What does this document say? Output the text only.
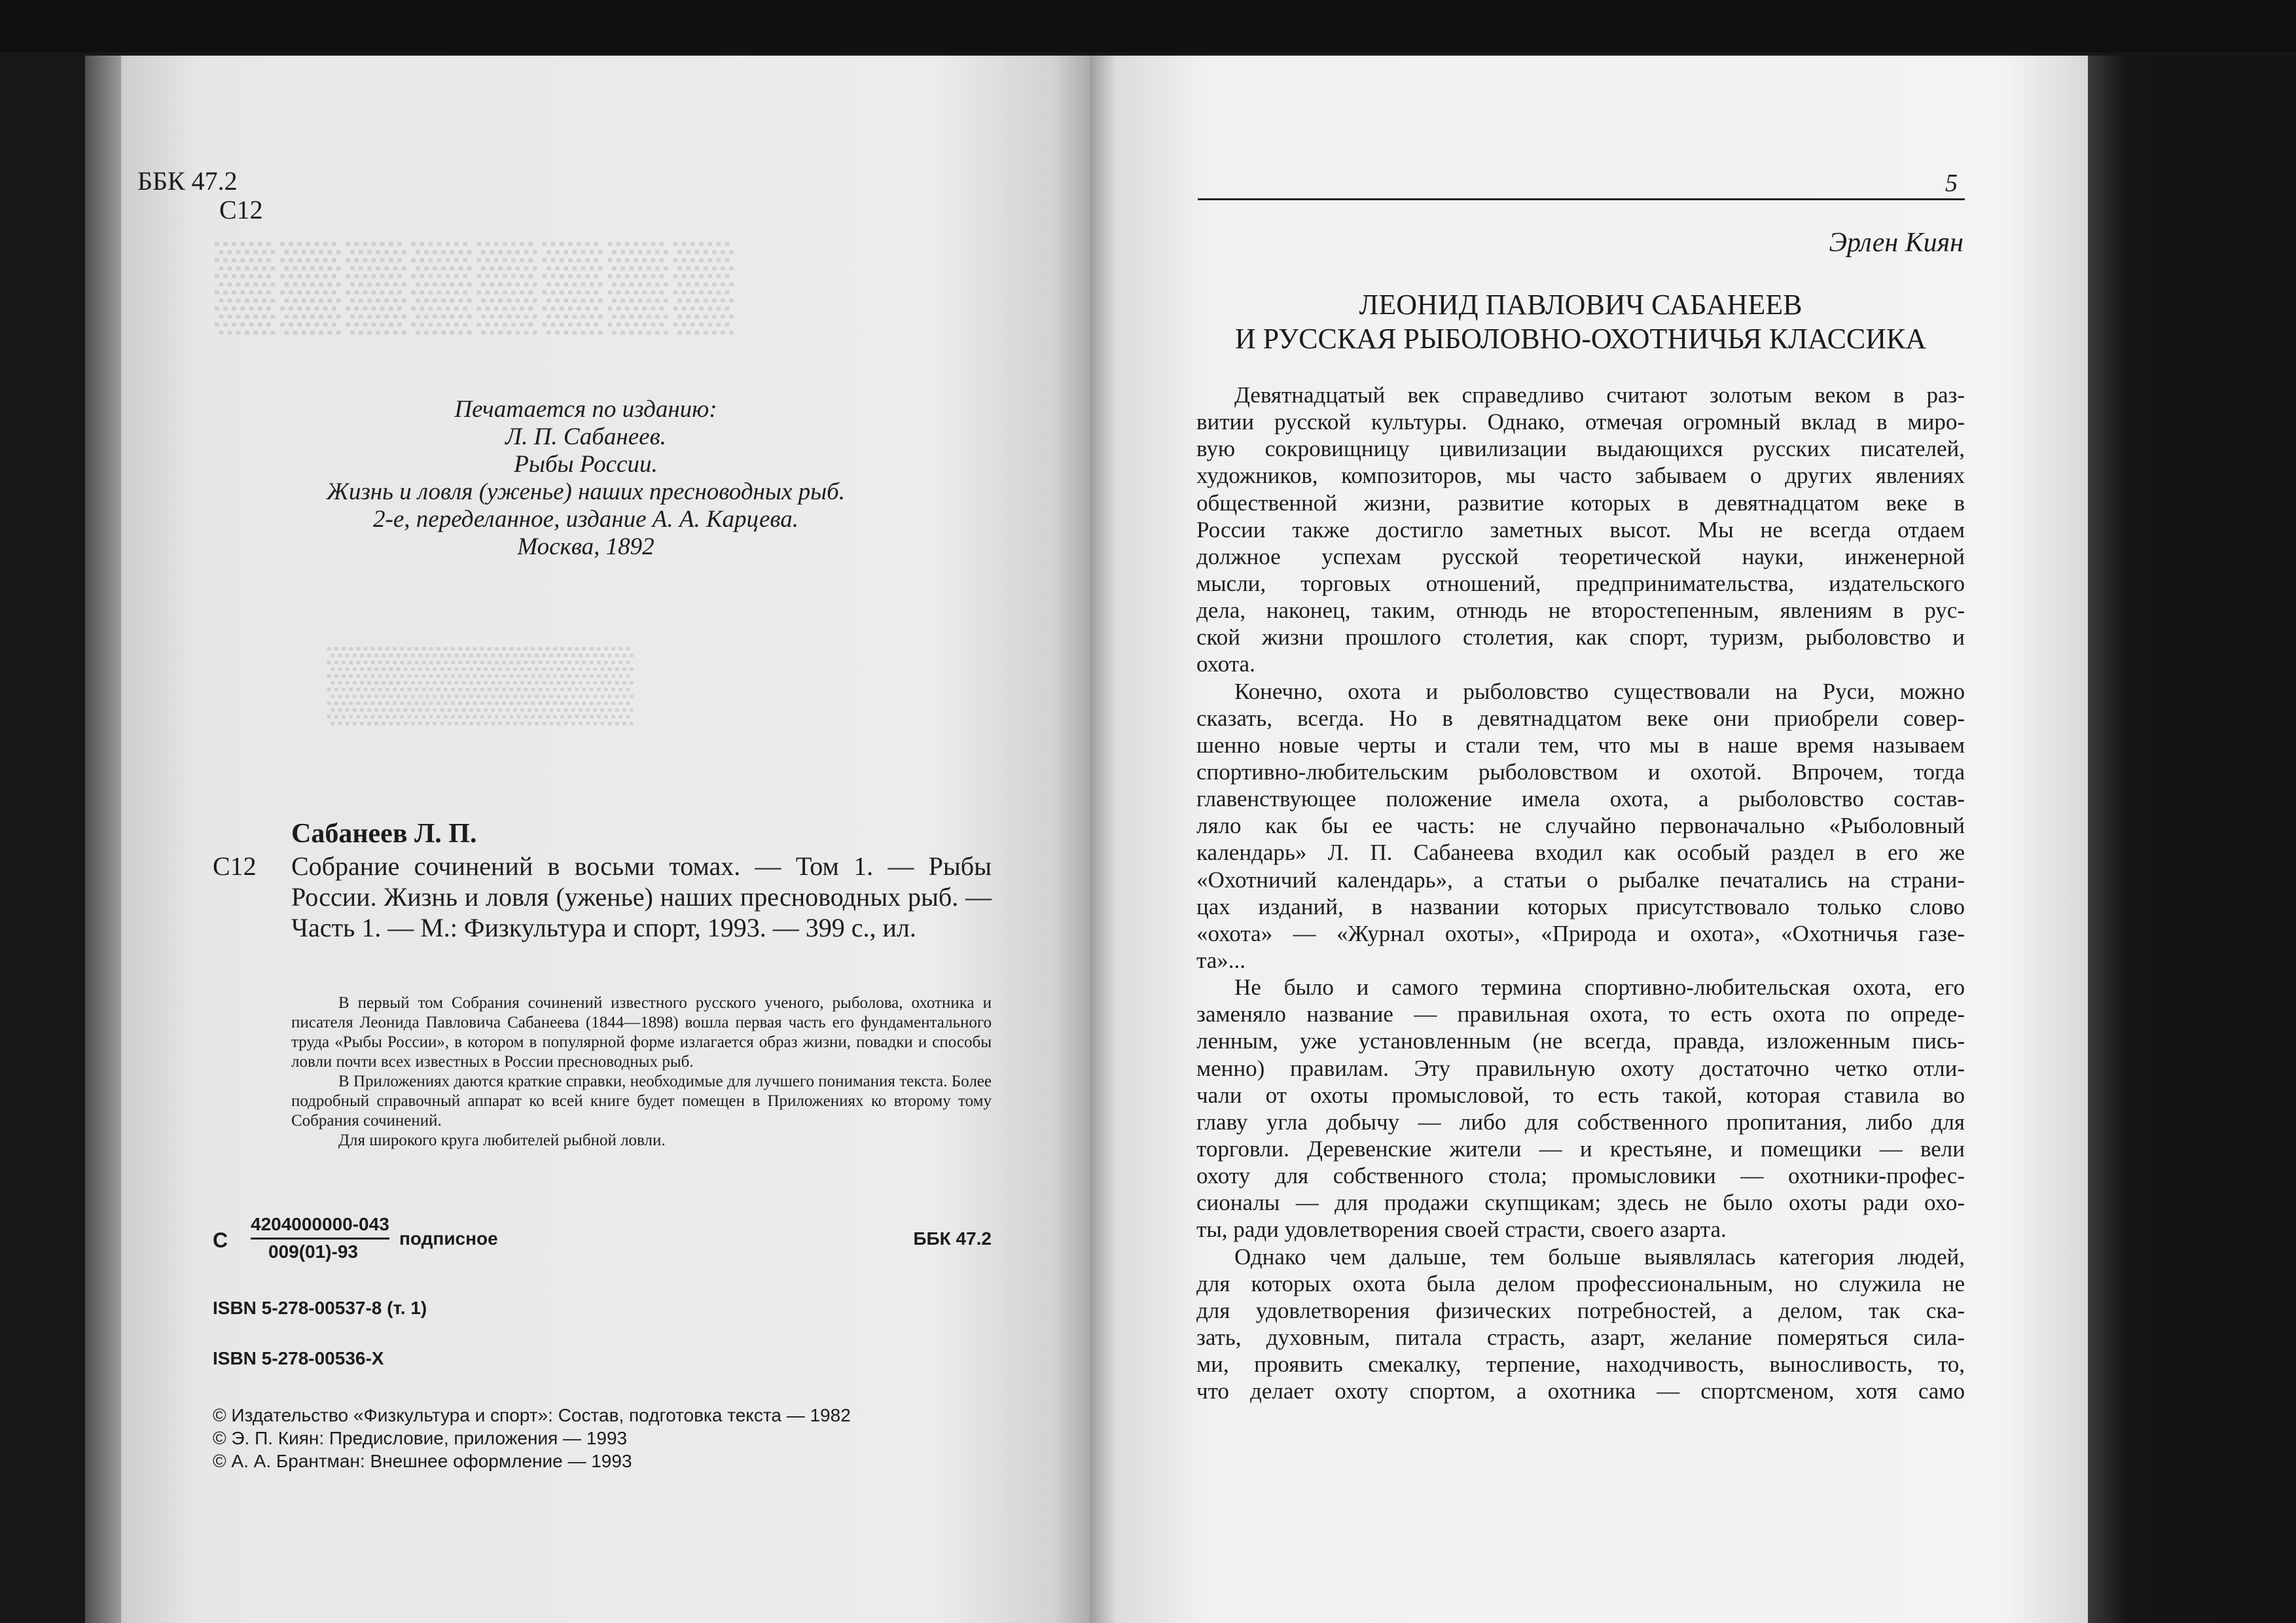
ББК 47.2
С12
Печатается по изданию:
Л. П. Сабанеев.
Рыбы России.
Жизнь и ловля (уженье) наших пресноводных рыб.
2-е, переделанное, издание А. А. Карцева.
Москва, 1892
Сабанеев Л. П.
С12 Собрание сочинений в восьми томах. — Том 1. — Рыбы России. Жизнь и ловля (уженье) наших пресноводных рыб. — Часть 1. — М.: Физкультура и спорт, 1993. — 399 с., ил.

В первый том Собрания сочинений известного русского ученого, рыболова, охотника и писателя Леонида Павловича Сабанеева (1844—1898) вошла первая часть его фундаментального труда «Рыбы России», в котором в популярной форме излагается образ жизни, повадки и способы ловли почти всех известных в России пресноводных рыб.

В Приложениях даются краткие справки, необходимые для лучшего понимания текста. Более подробный справочный аппарат ко всей книге будет помещен в Приложениях ко второму тому Собрания сочинений.

Для широкого круга любителей рыбной ловли.

С
4204000000-043
009(01)-93
подписное	ББК 47.2
ISBN 5-278-00537-8 (т. 1)
ISBN 5-278-00536-Х
© Издательство «Физкультура и спорт»: Состав, подготовка текста — 1982
© Э. П. Киян: Предисловие, приложения — 1993
© А. А. Брантман: Внешнее оформление — 1993
5
Эрлен Киян
ЛЕОНИД ПАВЛОВИЧ САБАНЕЕВ
И РУССКАЯ РЫБОЛОВНО-ОХОТНИЧЬЯ КЛАССИКА
Девятнадцатый век справедливо считают золотым веком в раз-
витии русской культуры. Однако, отмечая огромный вклад в миро-
вую сокровищницу цивилизации выдающихся русских писателей,
художников, композиторов, мы часто забываем о других явлениях
общественной жизни, развитие которых в девятнадцатом веке в
России также достигло заметных высот. Мы не всегда отдаем
должное успехам русской теоретической науки, инженерной
мысли, торговых отношений, предпринимательства, издательского
дела, наконец, таким, отнюдь не второстепенным, явлениям в рус-
ской жизни прошлого столетия, как спорт, туризм, рыболовство и
охота.
Конечно, охота и рыболовство существовали на Руси, можно
сказать, всегда. Но в девятнадцатом веке они приобрели совер-
шенно новые черты и стали тем, что мы в наше время называем
спортивно-любительским рыболовством и охотой. Впрочем, тогда
главенствующее положение имела охота, а рыболовство состав-
ляло как бы ее часть: не случайно первоначально «Рыболовный
календарь» Л. П. Сабанеева входил как особый раздел в его же
«Охотничий календарь», а статьи о рыбалке печатались на страни-
цах изданий, в названии которых присутствовало только слово
«охота» — «Журнал охоты», «Природа и охота», «Охотничья газе-
та»...
Не было и самого термина спортивно-любительская охота, его
заменяло название — правильная охота, то есть охота по опреде-
ленным, уже установленным (не всегда, правда, изложенным пись-
менно) правилам. Эту правильную охоту достаточно четко отли-
чали от охоты промысловой, то есть такой, которая ставила во
главу угла добычу — либо для собственного пропитания, либо для
торговли. Деревенские жители — и крестьяне, и помещики — вели
охоту для собственного стола; промысловики — охотники-профес-
сионалы — для продажи скупщикам; здесь не было охоты ради охо-
ты, ради удовлетворения своей страсти, своего азарта.
Однако чем дальше, тем больше выявлялась категория людей,
для которых охота была делом профессиональным, но служила не
для удовлетворения физических потребностей, а делом, так ска-
зать, духовным, питала страсть, азарт, желание померяться сила-
ми, проявить смекалку, терпение, находчивость, выносливость, то,
что делает охоту спортом, а охотника — спортсменом, хотя само
